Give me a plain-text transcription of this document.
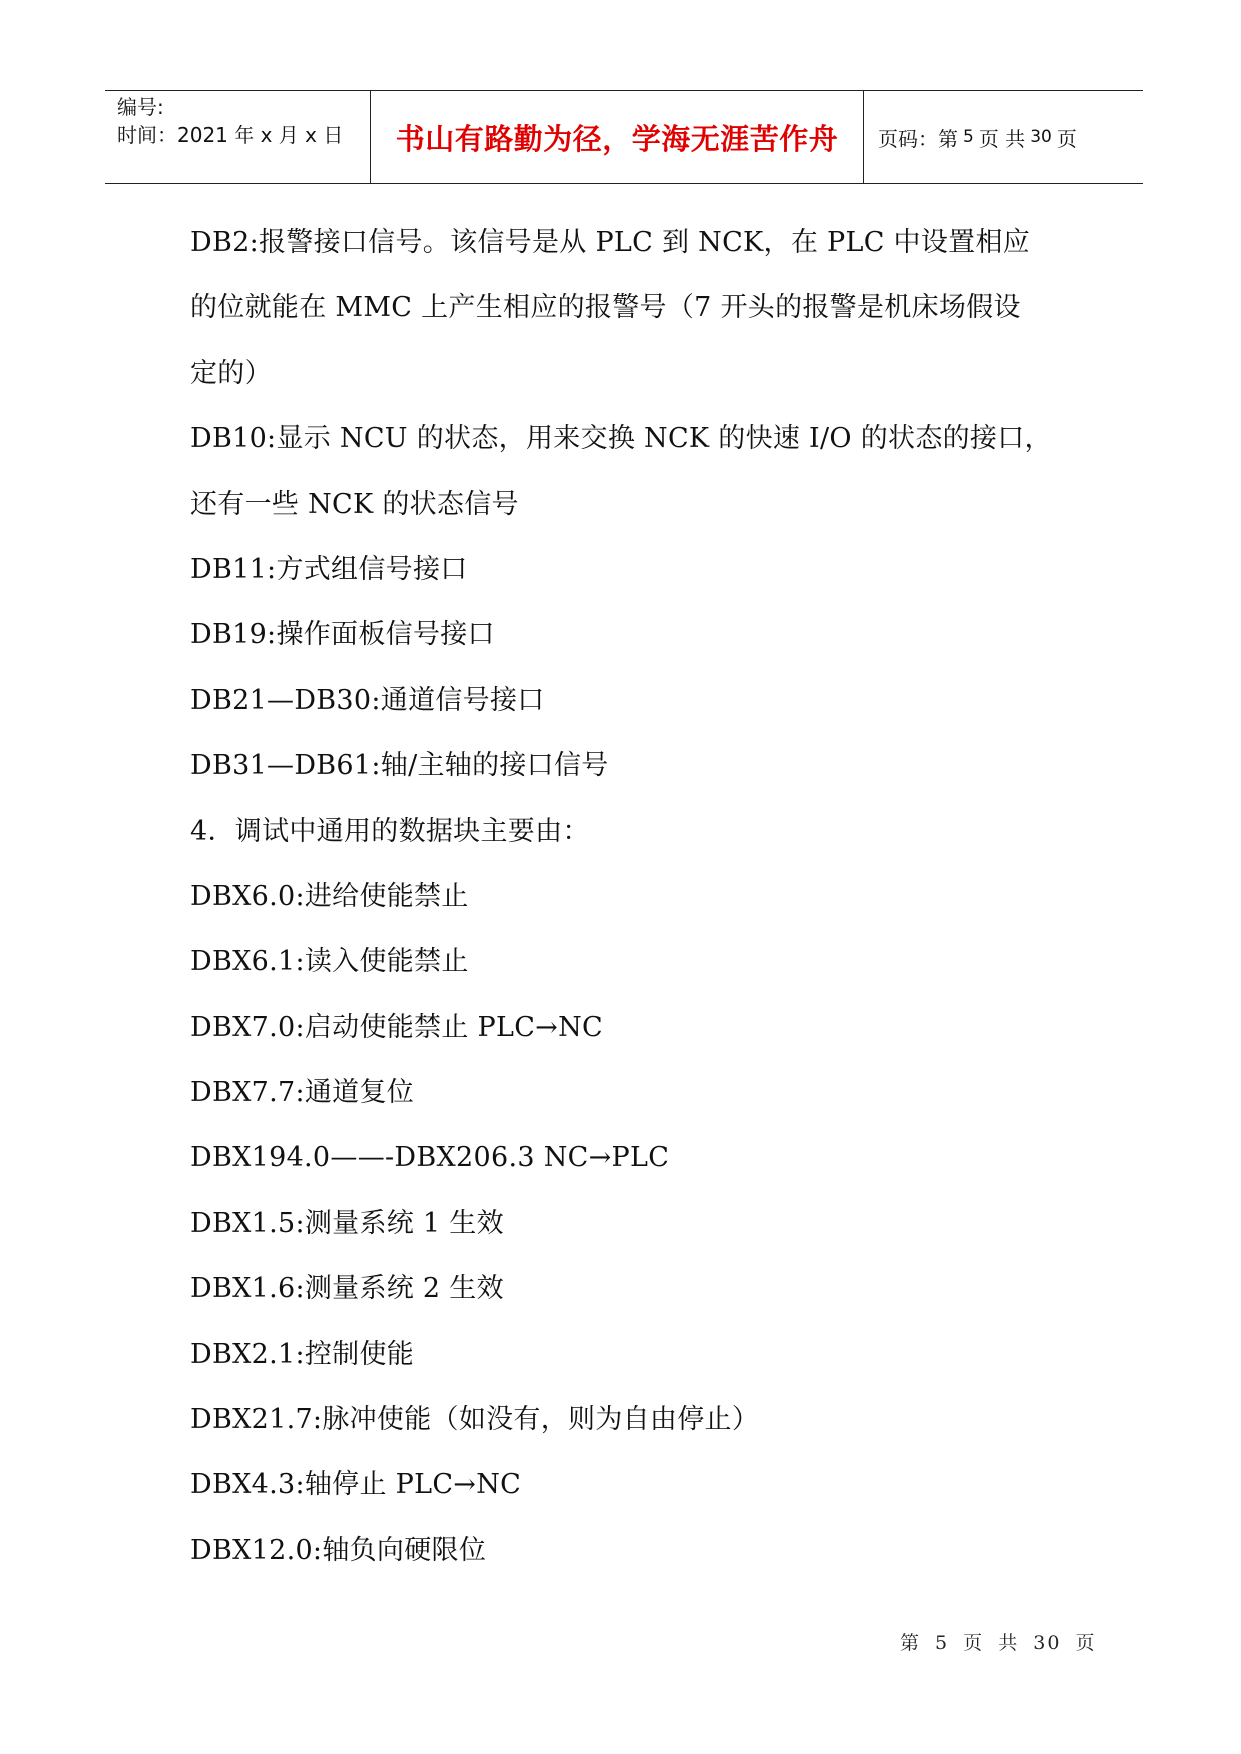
编号:
时间：2021 年 x 月 x 日	书山有路勤为径，学海无涯苦作舟	页码：第 5 页 共 30 页
DB2:报警接口信号。该信号是从 PLC 到 NCK，在 PLC 中设置相应
的位就能在 MMC 上产生相应的报警号（7 开头的报警是机床场假设
定的）
DB10:显示 NCU 的状态，用来交换 NCK 的快速 I/O 的状态的接口，
还有一些 NCK 的状态信号
DB11:方式组信号接口
DB19:操作面板信号接口
DB21—DB30:通道信号接口
DB31—DB61:轴/主轴的接口信号
4．调试中通用的数据块主要由：
DBX6.0:进给使能禁止
DBX6.1:读入使能禁止
DBX7.0:启动使能禁止 PLC→NC
DBX7.7:通道复位
DBX194.0——-DBX206.3 NC→PLC
DBX1.5:测量系统 1 生效
DBX1.6:测量系统 2 生效
DBX2.1:控制使能
DBX21.7:脉冲使能（如没有，则为自由停止）
DBX4.3:轴停止 PLC→NC
DBX12.0:轴负向硬限位
第 5 页 共 30 页
